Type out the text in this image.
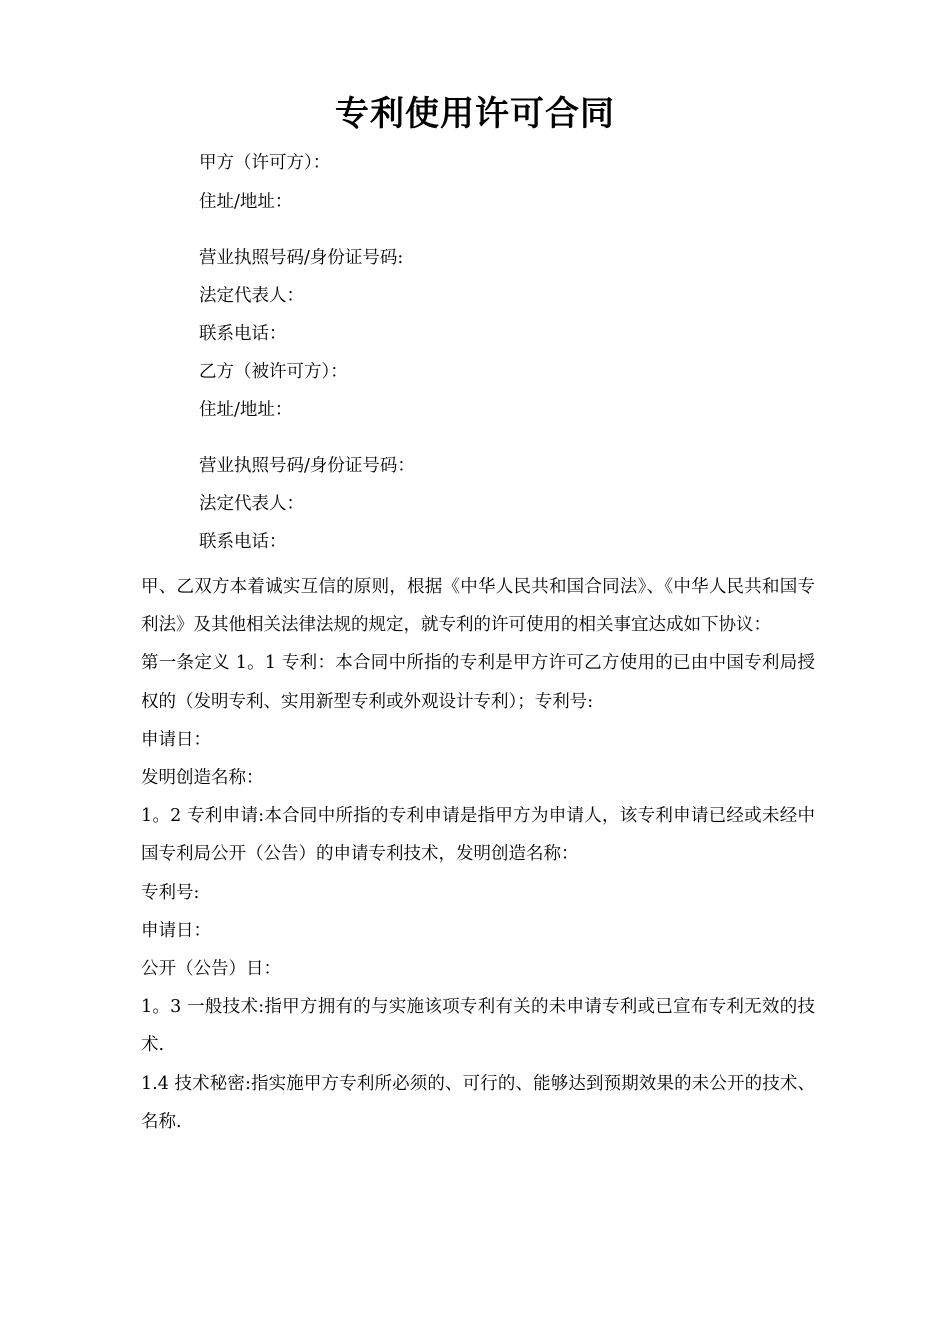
专利使用许可合同
甲方（许可方）：
住址/地址：
营业执照号码/身份证号码:
法定代表人：
联系电话：
乙方（被许可方）：
住址/地址：
营业执照号码/身份证号码：
法定代表人：
联系电话：

甲、乙双方本着诚实互信的原则，根据《中华人民共和国合同法》、《中华人民共和国专利法》及其他相关法律法规的规定，就专利的许可使用的相关事宜达成如下协议：

第一条定义 1。1 专利：本合同中所指的专利是甲方许可乙方使用的已由中国专利局授权的（发明专利、实用新型专利或外观设计专利）；专利号:

申请日：

发明创造名称：

1。2 专利申请:本合同中所指的专利申请是指甲方为申请人，该专利申请已经或未经中国专利局公开（公告）的申请专利技术，发明创造名称：

专利号:

申请日：

公开（公告）日：

1。3 一般技术:指甲方拥有的与实施该项专利有关的未申请专利或已宣布专利无效的技术.

1.4 技术秘密:指实施甲方专利所必须的、可行的、能够达到预期效果的未公开的技术、名称.
